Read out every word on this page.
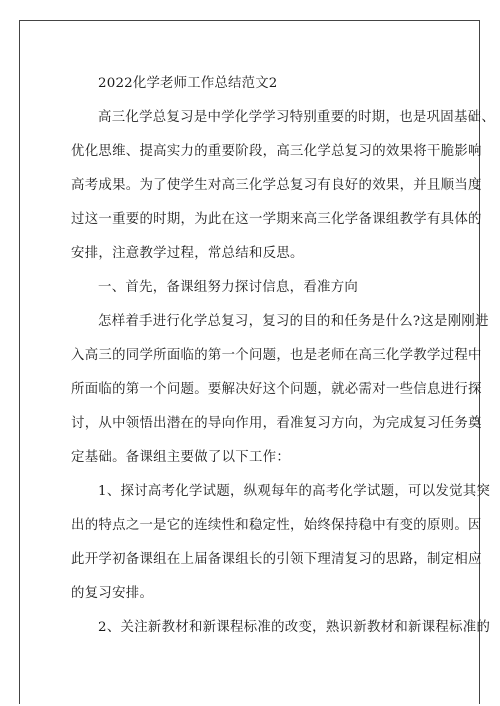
2022化学老师工作总结范文2
高三化学总复习是中学化学学习特别重要的时期，也是巩固基础、
优化思维、提高实力的重要阶段，高三化学总复习的效果将干脆影响
高考成果。为了使学生对高三化学总复习有良好的效果，并且顺当度
过这一重要的时期，为此在这一学期来高三化学备课组教学有具体的
安排，注意教学过程，常总结和反思。
一、首先，备课组努力探讨信息，看准方向
怎样着手进行化学总复习，复习的目的和任务是什么?这是刚刚进
入高三的同学所面临的第一个问题，也是老师在高三化学教学过程中
所面临的第一个问题。要解决好这个问题，就必需对一些信息进行探
讨，从中领悟出潜在的导向作用，看准复习方向，为完成复习任务奠
定基础。备课组主要做了以下工作：
1、探讨高考化学试题，纵观每年的高考化学试题，可以发觉其突
出的特点之一是它的连续性和稳定性，始终保持稳中有变的原则。因
此开学初备课组在上届备课组长的引领下理清复习的思路，制定相应
的复习安排。
2、关注新教材和新课程标准的改变，熟识新教材和新课程标准的
